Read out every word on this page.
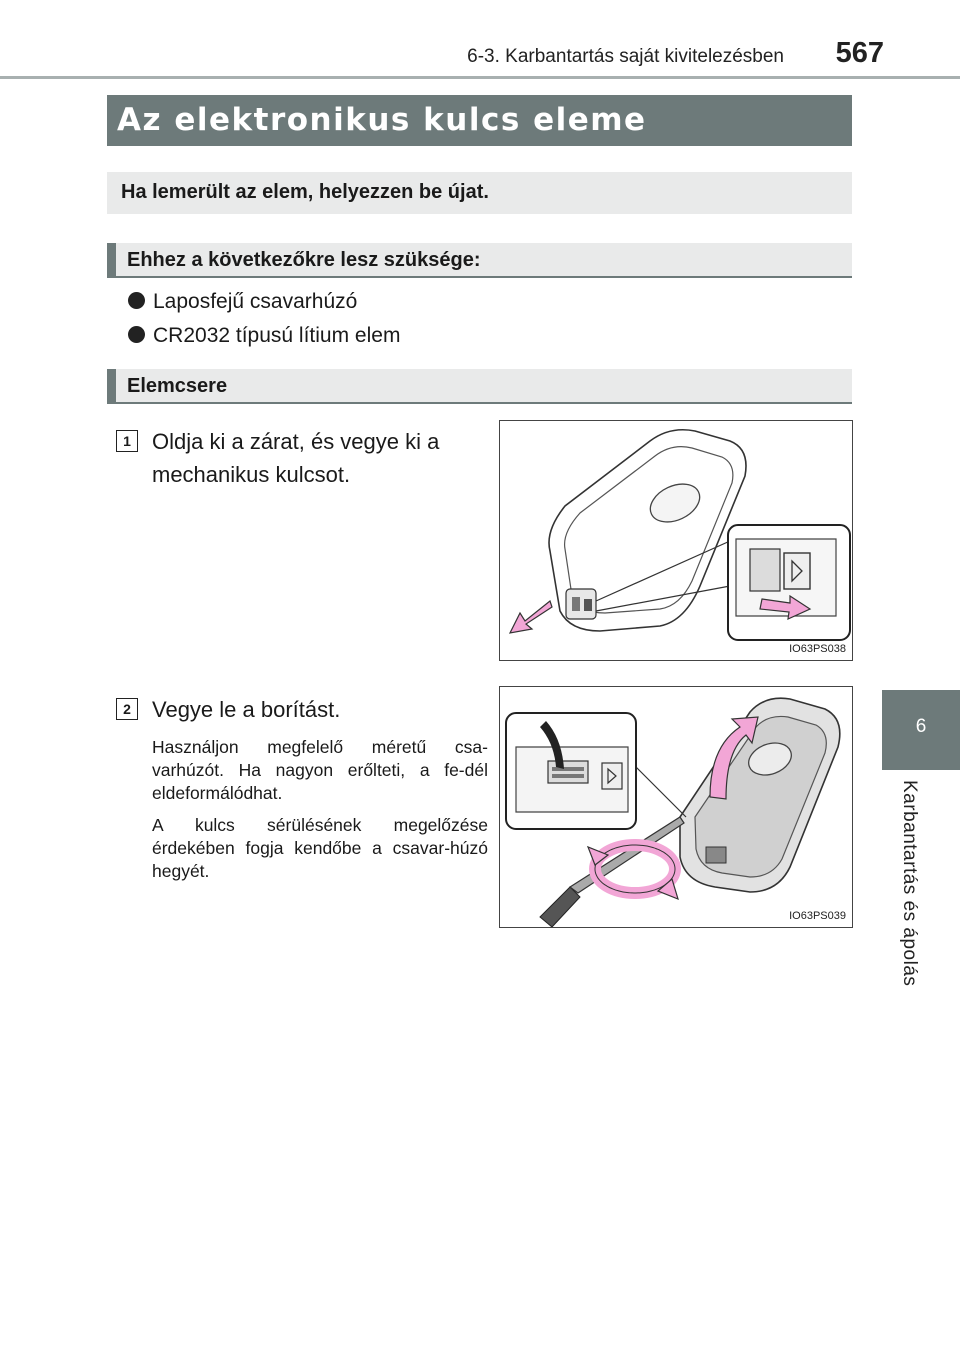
6-3. Karbantartás saját kivitelezésben 567
6
Karbantartás és ápolás
Az elektronikus kulcs eleme
Ha lemerült az elem, helyezzen be újat.
Ehhez a következőkre lesz szüksége:
Laposfejű csavarhúzó
CR2032 típusú lítium elem
Elemcsere
1 Oldja ki a zárat, és vegye ki a
mechanikus kulcsot.
IO63PS038
2 Vegye le a borítást.
Használjon megfelelő méretű csa-varhúzót. Ha nagyon erőlteti, a fe-dél eldeformálódhat.
A kulcs sérülésének megelőzése érdekében fogja kendőbe a csavar-húzó hegyét.
IO63PS039
